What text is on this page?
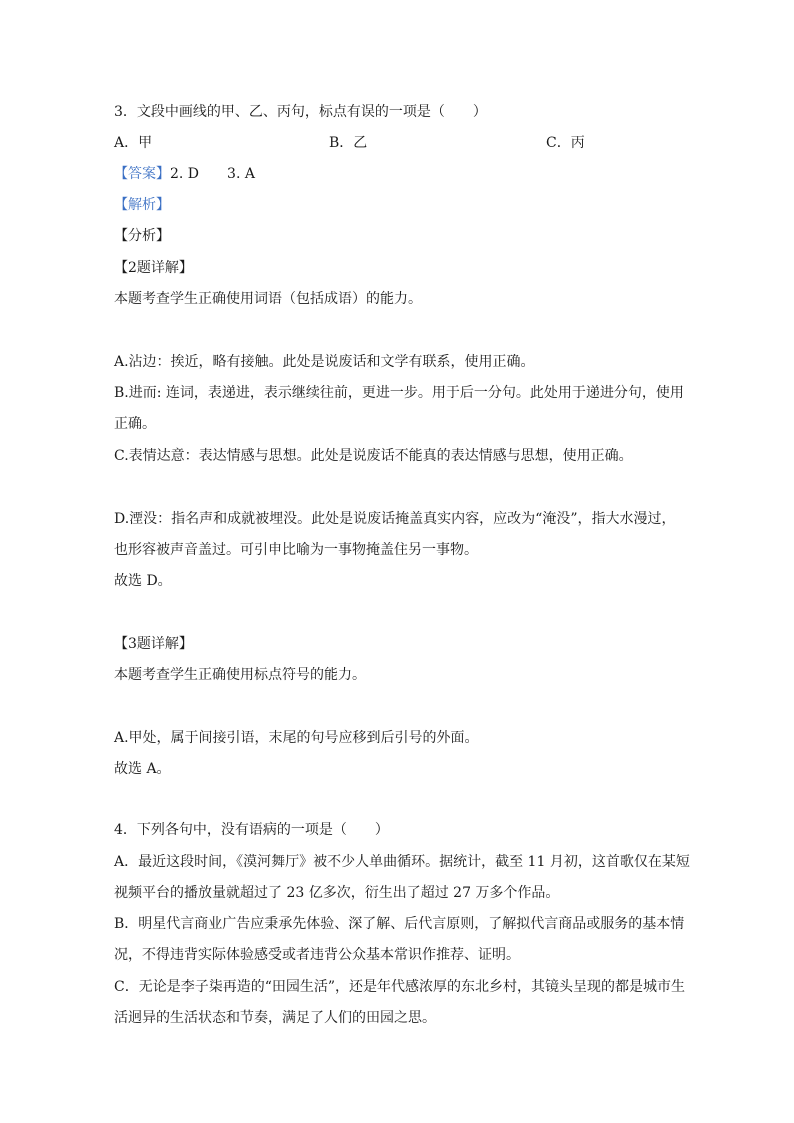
3．文段中画线的甲、乙、丙句，标点有误的一项是（　　）
A．甲	B．乙	C．丙
【答案】2. D　　3. A
【解析】
【分析】
【2题详解】
本题考查学生正确使用词语（包括成语）的能力。
A.沾边：挨近，略有接触。此处是说废话和文学有联系，使用正确。
B.进而: 连词，表递进，表示继续往前，更进一步。用于后一分句。此处用于递进分句，使用
正确。
C.表情达意：表达情感与思想。此处是说废话不能真的表达情感与思想，使用正确。
D.湮没：指名声和成就被埋没。此处是说废话掩盖真实内容，应改为“淹没”，指大水漫过，
也形容被声音盖过。可引申比喻为一事物掩盖住另一事物。
故选 D。
【3题详解】
本题考查学生正确使用标点符号的能力。
A.甲处，属于间接引语，末尾的句号应移到后引号的外面。
故选 A。
4．下列各句中，没有语病的一项是（　　）
A．最近这段时间，《漠河舞厅》被不少人单曲循环。据统计，截至 11 月初，这首歌仅在某短
视频平台的播放量就超过了 23 亿多次，衍生出了超过 27 万多个作品。
B．明星代言商业广告应秉承先体验、深了解、后代言原则，了解拟代言商品或服务的基本情
况，不得违背实际体验感受或者违背公众基本常识作推荐、证明。
C．无论是李子柒再造的“田园生活”，还是年代感浓厚的东北乡村，其镜头呈现的都是城市生
活迥异的生活状态和节奏，满足了人们的田园之思。
